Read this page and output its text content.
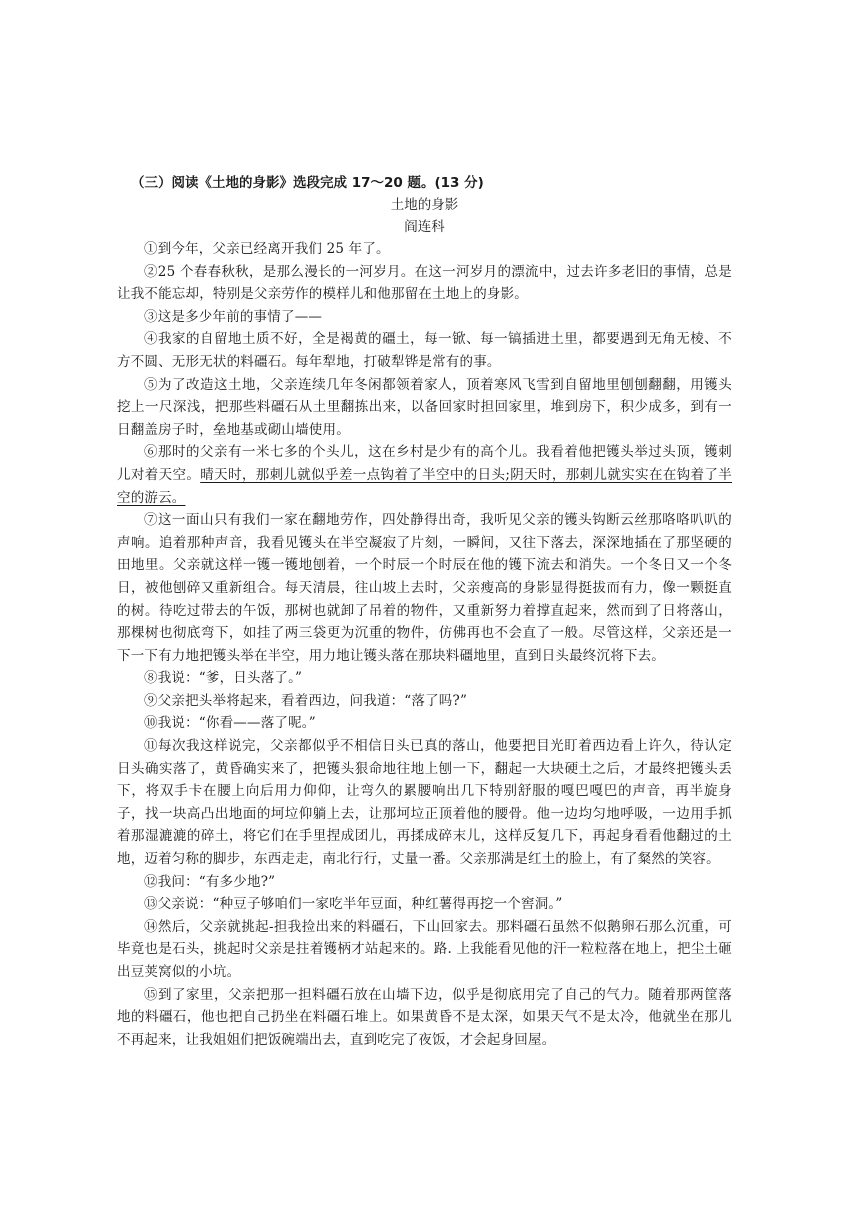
（三）阅读《土地的身影》选段完成 17～20 题。(13 分)
土地的身影
阎连科
①到今年，父亲已经离开我们 25 年了。
②25 个春春秋秋，是那么漫长的一河岁月。在这一河岁月的漂流中，过去许多老旧的事情，总是让我不能忘却，特别是父亲劳作的模样儿和他那留在土地上的身影。
③这是多少年前的事情了——
④我家的自留地土质不好，全是褐黄的礓土，每一锨、每一镐插进土里，都要遇到无角无棱、不方不圆、无形无状的料礓石。每年犁地，打破犁铧是常有的事。
⑤为了改造这土地，父亲连续几年冬闲都领着家人，顶着寒风飞雪到自留地里刨刨翻翻，用镬头挖上一尺深浅，把那些料礓石从土里翻拣出来，以备回家时担回家里，堆到房下，积少成多，到有一日翻盖房子时，垒地基或砌山墙使用。
⑥那时的父亲有一米七多的个头儿，这在乡村是少有的高个儿。我看着他把镬头举过头顶，镬刺儿对着天空。晴天时，那刺儿就似乎差一点钩着了半空中的日头;阴天时，那刺儿就实实在在钩着了半空的游云。
⑦这一面山只有我们一家在翻地劳作，四处静得出奇，我听见父亲的镬头钩断云丝那咯咯叭叭的声响。追着那种声音，我看见镬头在半空凝寂了片刻，一瞬间，又往下落去，深深地插在了那坚硬的田地里。父亲就这样一镬一镬地刨着，一个时辰一个时辰在他的镬下流去和消失。一个冬日又一个冬日，被他刨碎又重新组合。每天清晨，往山坡上去时，父亲瘦高的身影显得挺拔而有力，像一颗挺直的树。待吃过带去的午饭，那树也就卸了吊着的物件，又重新努力着撑直起来，然而到了日将落山，那棵树也彻底弯下，如挂了两三袋更为沉重的物件，仿佛再也不会直了一般。尽管这样，父亲还是一下一下有力地把镬头举在半空，用力地让镬头落在那块料礓地里，直到日头最终沉将下去。
⑧我说：“爹，日头落了。”
⑨父亲把头举将起来，看着西边，问我道：“落了吗?”
⑩我说：“你看——落了呢。”
⑪每次我这样说完，父亲都似乎不相信日头已真的落山，他要把目光盯着西边看上许久，待认定日头确实落了，黄昏确实来了，把镬头狠命地往地上刨一下，翻起一大块硬土之后，才最终把镬头丢下，将双手卡在腰上向后用力仰仰，让弯久的累腰响出几下特别舒服的嘎巴嘎巴的声音，再半旋身子，找一块高凸出地面的坷垃仰躺上去，让那坷垃正顶着他的腰骨。他一边均匀地呼吸，一边用手抓着那湿漉漉的碎土，将它们在手里捏成团儿，再揉成碎末儿，这样反复几下，再起身看看他翻过的土地，迈着匀称的脚步，东西走走，南北行行，丈量一番。父亲那满是红土的脸上，有了粲然的笑容。
⑫我问：“有多少地?”
⑬父亲说：“种豆子够咱们一家吃半年豆面，种红薯得再挖一个窖洞。”
⑭然后，父亲就挑起-担我捡出来的料礓石，下山回家去。那料礓石虽然不似鹅卵石那么沉重，可毕竟也是石头，挑起时父亲是拄着镬柄才站起来的。路. 上我能看见他的汗一粒粒落在地上，把尘土砸出豆荚窝似的小坑。
⑮到了家里，父亲把那一担料礓石放在山墙下边，似乎是彻底用完了自己的气力。随着那两筐落地的料礓石，他也把自己扔坐在料礓石堆上。如果黄昏不是太深，如果天气不是太冷，他就坐在那儿不再起来，让我姐姐们把饭碗端出去，直到吃完了夜饭，才会起身回屋。
